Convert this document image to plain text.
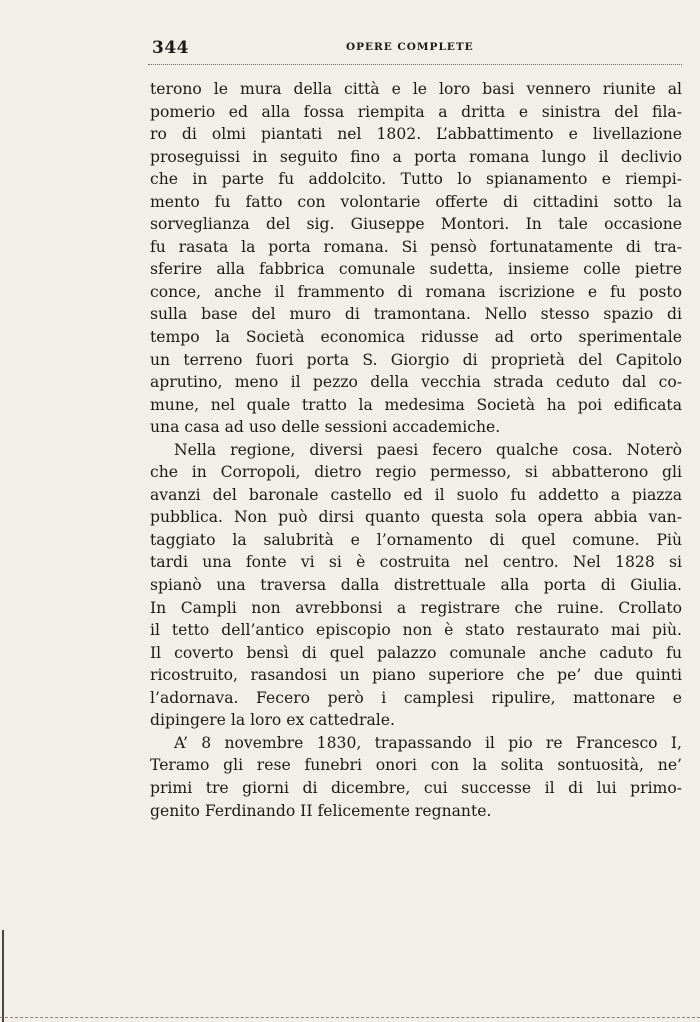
344	OPERE COMPLETE
terono le mura della città e le loro basi vennero riunite al
pomerio ed alla fossa riempita a dritta e sinistra del fila-
ro di olmi piantati nel 1802. L’abbattimento e livellazione
proseguissi in seguito fino a porta romana lungo il declivio
che in parte fu addolcito. Tutto lo spianamento e riempi-
mento fu fatto con volontarie offerte di cittadini sotto la
sorveglianza del sig. Giuseppe Montori. In tale occasione
fu rasata la porta romana. Si pensò fortunatamente di tra-
sferire alla fabbrica comunale sudetta, insieme colle pietre
conce, anche il frammento di romana iscrizione e fu posto
sulla base del muro di tramontana. Nello stesso spazio di
tempo la Società economica ridusse ad orto sperimentale
un terreno fuori porta S. Giorgio di proprietà del Capitolo
aprutino, meno il pezzo della vecchia strada ceduto dal co-
mune, nel quale tratto la medesima Società ha poi edificata
una casa ad uso delle sessioni accademiche.
Nella regione, diversi paesi fecero qualche cosa. Noterò
che in Corropoli, dietro regio permesso, si abbatterono gli
avanzi del baronale castello ed il suolo fu addetto a piazza
pubblica. Non può dirsi quanto questa sola opera abbia van-
taggiato la salubrità e l’ornamento di quel comune. Più
tardi una fonte vi si è costruita nel centro. Nel 1828 si
spianò una traversa dalla distrettuale alla porta di Giulia.
In Campli non avrebbonsi a registrare che ruine. Crollato
il tetto dell’antico episcopio non è stato restaurato mai più.
Il coverto bensì di quel palazzo comunale anche caduto fu
ricostruito, rasandosi un piano superiore che pe’ due quinti
l’adornava. Fecero però i camplesi ripulire, mattonare e
dipingere la loro ex cattedrale.
A’ 8 novembre 1830, trapassando il pio re Francesco I,
Teramo gli rese funebri onori con la solita sontuosità, ne’
primi tre giorni di dicembre, cui successe il di lui primo-
genito Ferdinando II felicemente regnante.
